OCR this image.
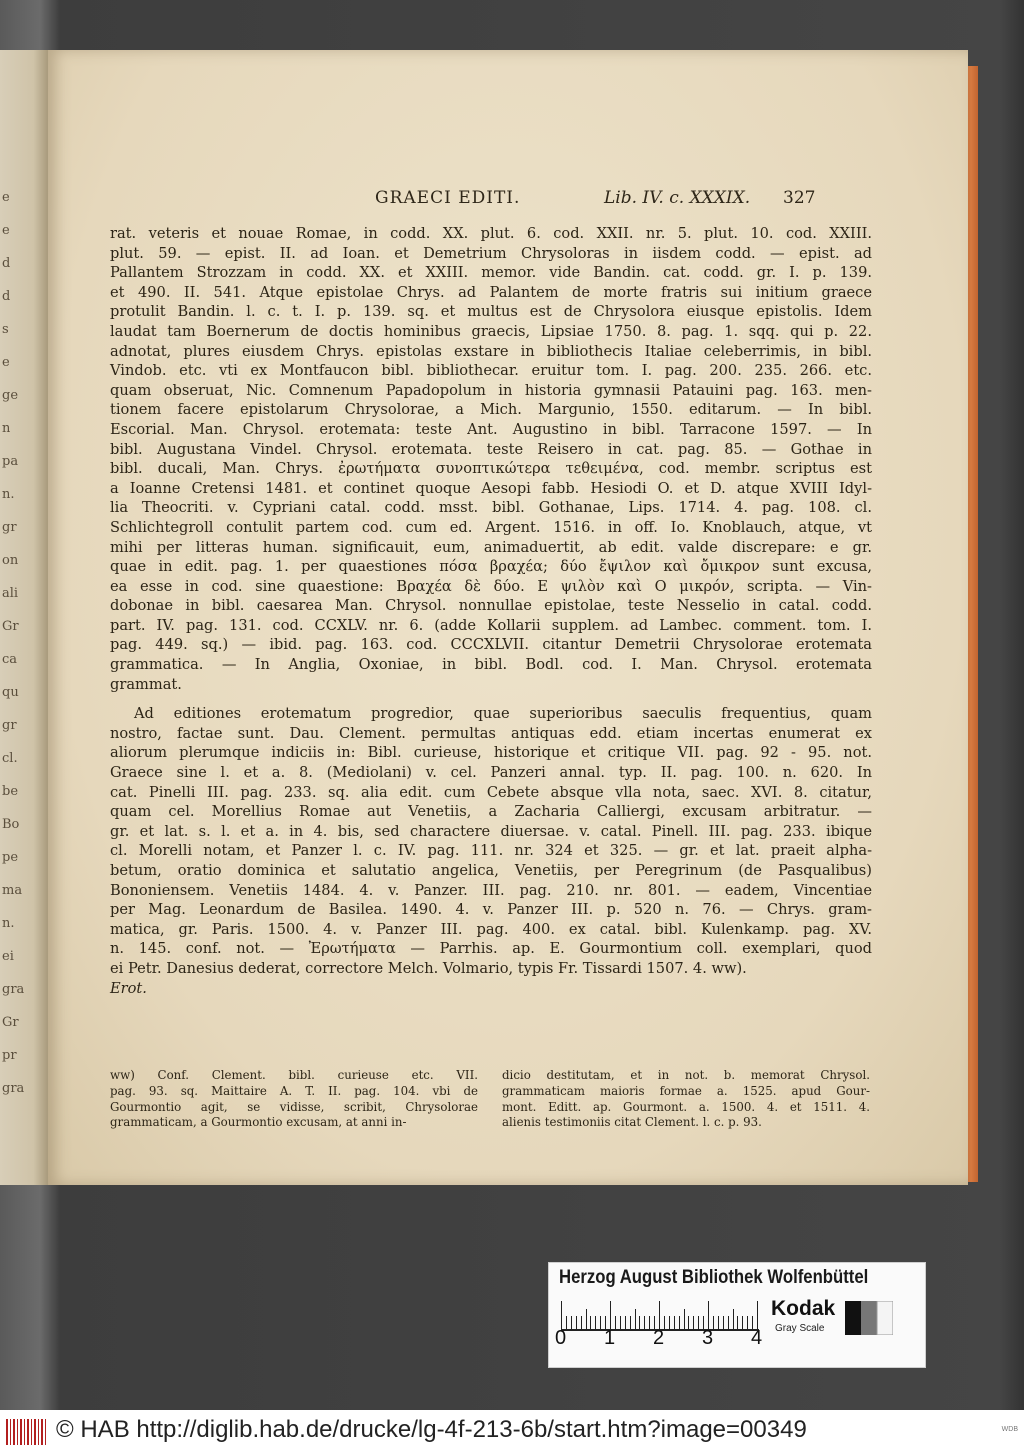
e
e
d
d
s
e
ge
n
pa
n.
gr
on
ali
Gr
ca
qu
gr
cl.
be
Bo
pe
ma
n.
ei
gra
Gr
pr
gra
GRAECI EDITI.	Lib. IV. c. XXXIX. 327
rat. veteris et nouae Romae, in codd. XX. plut. 6. cod. XXII. nr. 5. plut. 10. cod. XXIII.
plut. 59. — epist. II. ad Ioan. et Demetrium Chrysoloras in iisdem codd. — epist. ad
Pallantem Strozzam in codd. XX. et XXIII. memor. vide Bandin. cat. codd. gr. I. p. 139.
et 490. II. 541. Atque epistolae Chrys. ad Palantem de morte fratris sui initium graece
protulit Bandin. l. c. t. I. p. 139. sq. et multus est de Chrysolora eiusque epistolis. Idem
laudat tam Boernerum de doctis hominibus graecis, Lipsiae 1750. 8. pag. 1. sqq. qui p. 22.
adnotat, plures eiusdem Chrys. epistolas exstare in bibliothecis Italiae celeberrimis, in bibl.
Vindob. etc. vti ex Montfaucon bibl. bibliothecar. eruitur tom. I. pag. 200. 235. 266. etc.
quam obseruat, Nic. Comnenum Papadopolum in historia gymnasii Patauini pag. 163. men-
tionem facere epistolarum Chrysolorae, a Mich. Margunio, 1550. editarum. — In bibl.
Escorial. Man. Chrysol. erotemata: teste Ant. Augustino in bibl. Tarracone 1597. — In
bibl. Augustana Vindel. Chrysol. erotemata. teste Reisero in cat. pag. 85. — Gothae in
bibl. ducali, Man. Chrys. ἐρωτήματα συνοπτικώτερα τεθειμένα, cod. membr. scriptus est
a Ioanne Cretensi 1481. et continet quoque Aesopi fabb. Hesiodi O. et D. atque XVIII Idyl-
lia Theocriti. v. Cypriani catal. codd. msst. bibl. Gothanae, Lips. 1714. 4. pag. 108. cl.
Schlichtegroll contulit partem cod. cum ed. Argent. 1516. in off. Io. Knoblauch, atque, vt
mihi per litteras human. significauit, eum, animaduertit, ab edit. valde discrepare: e gr.
quae in edit. pag. 1. per quaestiones πόσα βραχέα; δύο ἔψιλον καὶ ὄμικρον sunt excusa,
ea esse in cod. sine quaestione: Βραχέα δὲ δύο. Ε ψιλὸν καὶ Ο μικρόν, scripta. — Vin-
dobonae in bibl. caesarea Man. Chrysol. nonnullae epistolae, teste Nesselio in catal. codd.
part. IV. pag. 131. cod. CCXLV. nr. 6. (adde Kollarii supplem. ad Lambec. comment. tom. I.
pag. 449. sq.) — ibid. pag. 163. cod. CCCXLVII. citantur Demetrii Chrysolorae erotemata
grammatica. — In Anglia, Oxoniae, in bibl. Bodl. cod. I. Man. Chrysol. erotemata
grammat.
Ad editiones erotematum progredior, quae superioribus saeculis frequentius, quam
nostro, factae sunt. Dau. Clement. permultas antiquas edd. etiam incertas enumerat ex
aliorum plerumque indiciis in: Bibl. curieuse, historique et critique VII. pag. 92 - 95. not.
Graece sine l. et a. 8. (Mediolani) v. cel. Panzeri annal. typ. II. pag. 100. n. 620. In
cat. Pinelli III. pag. 233. sq. alia edit. cum Cebete absque vlla nota, saec. XVI. 8. citatur,
quam cel. Morellius Romae aut Venetiis, a Zacharia Calliergi, excusam arbitratur. —
gr. et lat. s. l. et a. in 4. bis, sed charactere diuersae. v. catal. Pinell. III. pag. 233. ibique
cl. Morelli notam, et Panzer l. c. IV. pag. 111. nr. 324 et 325. — gr. et lat. praeit alpha-
betum, oratio dominica et salutatio angelica, Venetiis, per Peregrinum (de Pasqualibus)
Bononiensem. Venetiis 1484. 4. v. Panzer. III. pag. 210. nr. 801. — eadem, Vincentiae
per Mag. Leonardum de Basilea. 1490. 4. v. Panzer III. p. 520 n. 76. — Chrys. gram-
matica, gr. Paris. 1500. 4. v. Panzer III. pag. 400. ex catal. bibl. Kulenkamp. pag. XV.
n. 145. conf. not. — Ἐρωτήματα — Parrhis. ap. E. Gourmontium coll. exemplari, quod
ei Petr. Danesius dederat, correctore Melch. Volmario, typis Fr. Tissardi 1507. 4. ww).
Erot.
ww) Conf. Clement. bibl. curieuse etc. VII.
pag. 93. sq. Maittaire A. T. II. pag. 104. vbi de
Gourmontio agit, se vidisse, scribit, Chrysolorae
grammaticam, a Gourmontio excusam, at anni in-
dicio destitutam, et in not. b. memorat Chrysol.
grammaticam maioris formae a. 1525. apud Gour-
mont. Editt. ap. Gourmont. a. 1500. 4. et 1511. 4.
alienis testimoniis citat Clement. l. c. p. 93.
Herzog August Bibliothek Wolfenbüttel
0 1 2 3 4
Kodak
Gray Scale
© HAB http://diglib.hab.de/drucke/lg-4f-213-6b/start.htm?image=00349	WDB
